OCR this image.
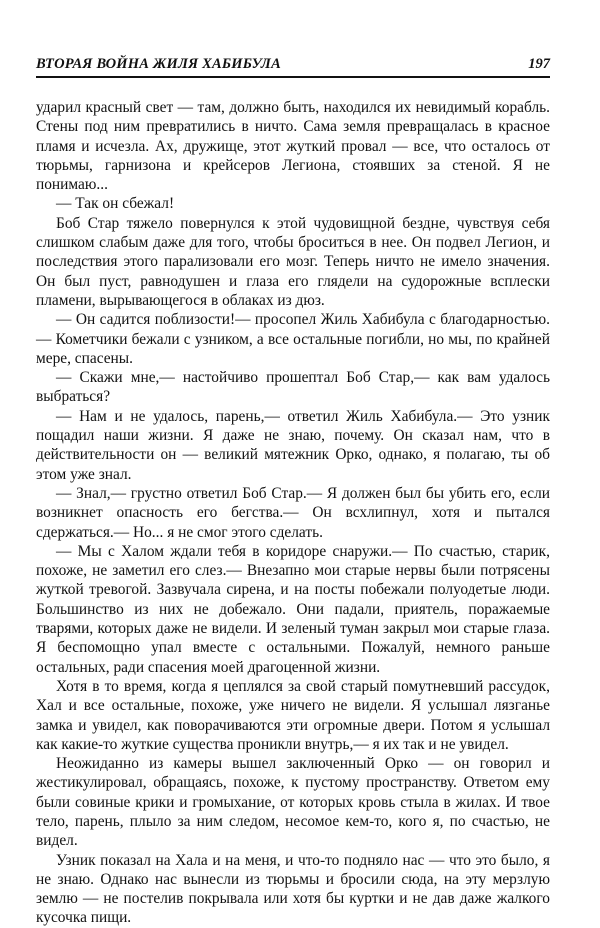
ВТОРАЯ ВОЙНА ЖИЛЯ ХАБИБУЛА	197

ударил красный свет — там, должно быть, находился их невидимый корабль. Стены под ним превратились в ничто. Сама земля превращалась в красное пламя и исчезла. Ах, дружище, этот жуткий провал — все, что осталось от тюрьмы, гарнизона и крейсеров Легиона, стоявших за стеной. Я не понимаю...

— Так он сбежал!

Боб Стар тяжело повернулся к этой чудовищной бездне, чувствуя себя слишком слабым даже для того, чтобы броситься в нее. Он подвел Легион, и последствия этого парализовали его мозг. Теперь ничто не имело значения. Он был пуст, равнодушен и глаза его глядели на судорожные всплески пламени, вырывающегося в облаках из дюз.

— Он садится поблизости!— просопел Жиль Хабибула с благодарностью.— Кометчики бежали с узником, а все остальные погибли, но мы, по крайней мере, спасены.

— Скажи мне,— настойчиво прошептал Боб Стар,— как вам удалось выбраться?

— Нам и не удалось, парень,— ответил Жиль Хабибула.— Это узник пощадил наши жизни. Я даже не знаю, почему. Он сказал нам, что в действительности он — великий мятежник Орко, однако, я полагаю, ты об этом уже знал.

— Знал,— грустно ответил Боб Стар.— Я должен был бы убить его, если возникнет опасность его бегства.— Он всхлипнул, хотя и пытался сдержаться.— Но... я не смог этого сделать.

— Мы с Халом ждали тебя в коридоре снаружи.— По счастью, старик, похоже, не заметил его слез.— Внезапно мои старые нервы были потрясены жуткой тревогой. Зазвучала сирена, и на посты побежали полуодетые люди. Большинство из них не добежало. Они падали, приятель, поражаемые тварями, которых даже не видели. И зеленый туман закрыл мои старые глаза. Я беспомощно упал вместе с остальными. Пожалуй, немного раньше остальных, ради спасения моей драгоценной жизни.

Хотя в то время, когда я цеплялся за свой старый помутневший рассудок, Хал и все остальные, похоже, уже ничего не видели. Я услышал лязганье замка и увидел, как поворачиваются эти огромные двери. Потом я услышал как какие-то жуткие существа проникли внутрь,— я их так и не увидел.

Неожиданно из камеры вышел заключенный Орко — он говорил и жестикулировал, обращаясь, похоже, к пустому пространству. Ответом ему были совиные крики и громыхание, от которых кровь стыла в жилах. И твое тело, парень, плыло за ним следом, несомое кем-то, кого я, по счастью, не видел.

Узник показал на Хала и на меня, и что-то подняло нас — что это было, я не знаю. Однако нас вынесли из тюрьмы и бросили сюда, на эту мерзлую землю — не постелив покрывала или хотя бы куртки и не дав даже жалкого кусочка пищи.
